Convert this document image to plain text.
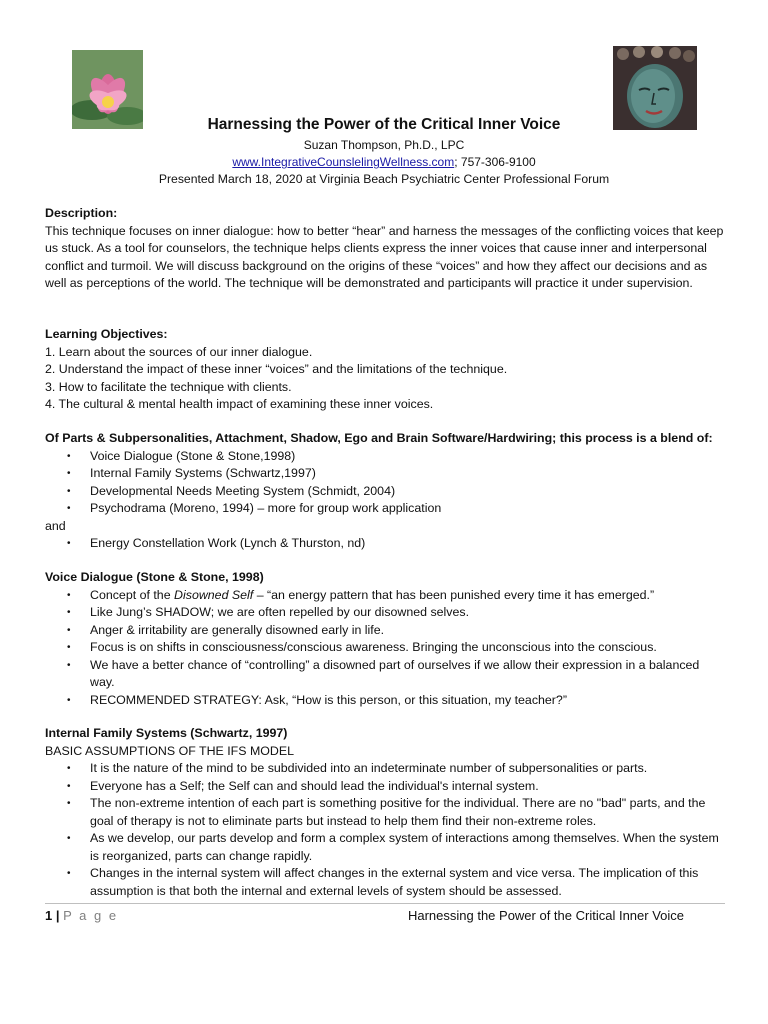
Harnessing the Power of the Critical Inner Voice
Suzan Thompson, Ph.D., LPC
www.IntegrativeCounslelingWellness.com; 757-306-9100
Presented March 18, 2020 at Virginia Beach Psychiatric Center Professional Forum

Description:

This technique focuses on inner dialogue: how to better “hear” and harness the messages of the conflicting voices that keep us stuck. As a tool for counselors, the technique helps clients express the inner voices that cause inner and interpersonal conflict and turmoil. We will discuss background on the origins of these “voices” and how they affect our decisions and as well as perceptions of the world. The technique will be demonstrated and participants will practice it under supervision.

Learning Objectives:

1. Learn about the sources of our inner dialogue.

2. Understand the impact of these inner “voices” and the limitations of the technique.

3. How to facilitate the technique with clients.

4. The cultural & mental health impact of examining these inner voices.

Of Parts & Subpersonalities, Attachment, Shadow, Ego and Brain Software/Hardwiring; this process is a blend of:

• Voice Dialogue (Stone & Stone,1998)
• Internal Family Systems (Schwartz,1997)
• Developmental Needs Meeting System (Schmidt, 2004)
• Psychodrama (Moreno, 1994) – more for group work application

and

• Energy Constellation Work (Lynch & Thurston, nd)

Voice Dialogue (Stone & Stone, 1998)

• Concept of the Disowned Self – “an energy pattern that has been punished every time it has emerged.”
• Like Jung’s SHADOW; we are often repelled by our disowned selves.
• Anger & irritability are generally disowned early in life.
• Focus is on shifts in consciousness/conscious awareness. Bringing the unconscious into the conscious.
• We have a better chance of “controlling” a disowned part of ourselves if we allow their expression in a balanced way.
• RECOMMENDED STRATEGY: Ask, “How is this person, or this situation, my teacher?”

Internal Family Systems (Schwartz, 1997)

BASIC ASSUMPTIONS OF THE IFS MODEL

• It is the nature of the mind to be subdivided into an indeterminate number of subpersonalities or parts.
• Everyone has a Self; the Self can and should lead the individual's internal system.
• The non-extreme intention of each part is something positive for the individual. There are no "bad" parts, and the goal of therapy is not to eliminate parts but instead to help them find their non-extreme roles.
• As we develop, our parts develop and form a complex system of interactions among themselves. When the system is reorganized, parts can change rapidly.
• Changes in the internal system will affect changes in the external system and vice versa. The implication of this assumption is that both the internal and external levels of system should be assessed.
1 | P a g e	Harnessing the Power of the Critical Inner Voice
